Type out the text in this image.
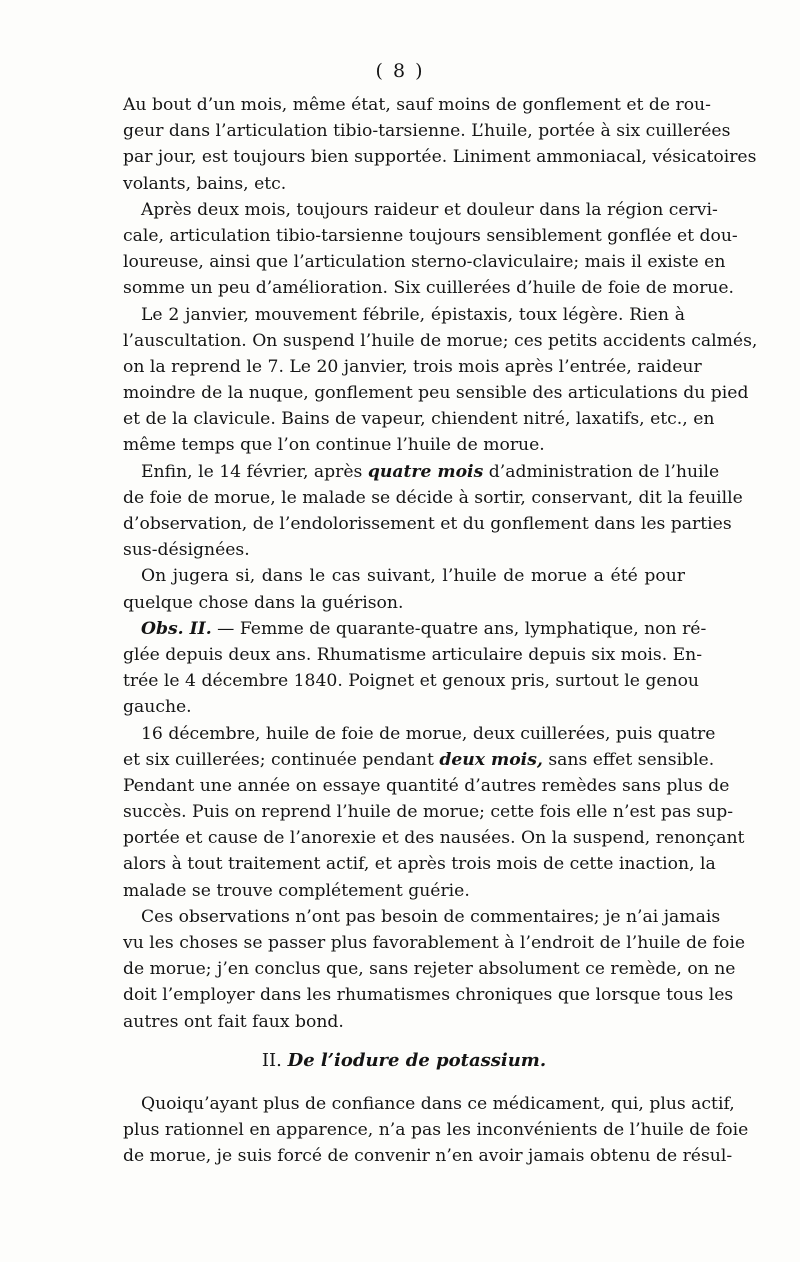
( 8 )
Au bout d’un mois, même état, sauf moins de gonflement et de rou-
geur dans l’articulation tibio-tarsienne. L’huile, portée à six cuillerées
par jour, est toujours bien supportée. Liniment ammoniacal, vésicatoires
volants, bains, etc.
Après deux mois, toujours raideur et douleur dans la région cervi-
cale, articulation tibio-tarsienne toujours sensiblement gonflée et dou-
loureuse, ainsi que l’articulation sterno-claviculaire; mais il existe en
somme un peu d’amélioration. Six cuillerées d’huile de foie de morue.
Le 2 janvier, mouvement fébrile, épistaxis, toux légère. Rien à
l’auscultation. On suspend l’huile de morue; ces petits accidents calmés,
on la reprend le 7. Le 20 janvier, trois mois après l’entrée, raideur
moindre de la nuque, gonflement peu sensible des articulations du pied
et de la clavicule. Bains de vapeur, chiendent nitré, laxatifs, etc., en
même temps que l’on continue l’huile de morue.
Enfin, le 14 février, après quatre mois d’administration de l’huile
de foie de morue, le malade se décide à sortir, conservant, dit la feuille
d’observation, de l’endolorissement et du gonflement dans les parties
sus-désignées.
On jugera si, dans le cas suivant, l’huile de morue a été pour
quelque chose dans la guérison.
Obs. II. — Femme de quarante-quatre ans, lymphatique, non ré-
glée depuis deux ans. Rhumatisme articulaire depuis six mois. En-
trée le 4 décembre 1840. Poignet et genoux pris, surtout le genou
gauche.
16 décembre, huile de foie de morue, deux cuillerées, puis quatre
et six cuillerées; continuée pendant deux mois, sans effet sensible.
Pendant une année on essaye quantité d’autres remèdes sans plus de
succès. Puis on reprend l’huile de morue; cette fois elle n’est pas sup-
portée et cause de l’anorexie et des nausées. On la suspend, renonçant
alors à tout traitement actif, et après trois mois de cette inaction, la
malade se trouve complétement guérie.
Ces observations n’ont pas besoin de commentaires; je n’ai jamais
vu les choses se passer plus favorablement à l’endroit de l’huile de foie
de morue; j’en conclus que, sans rejeter absolument ce remède, on ne
doit l’employer dans les rhumatismes chroniques que lorsque tous les
autres ont fait faux bond.
II. De l’iodure de potassium.
Quoiqu’ayant plus de confiance dans ce médicament, qui, plus actif,
plus rationnel en apparence, n’a pas les inconvénients de l’huile de foie
de morue, je suis forcé de convenir n’en avoir jamais obtenu de résul-
